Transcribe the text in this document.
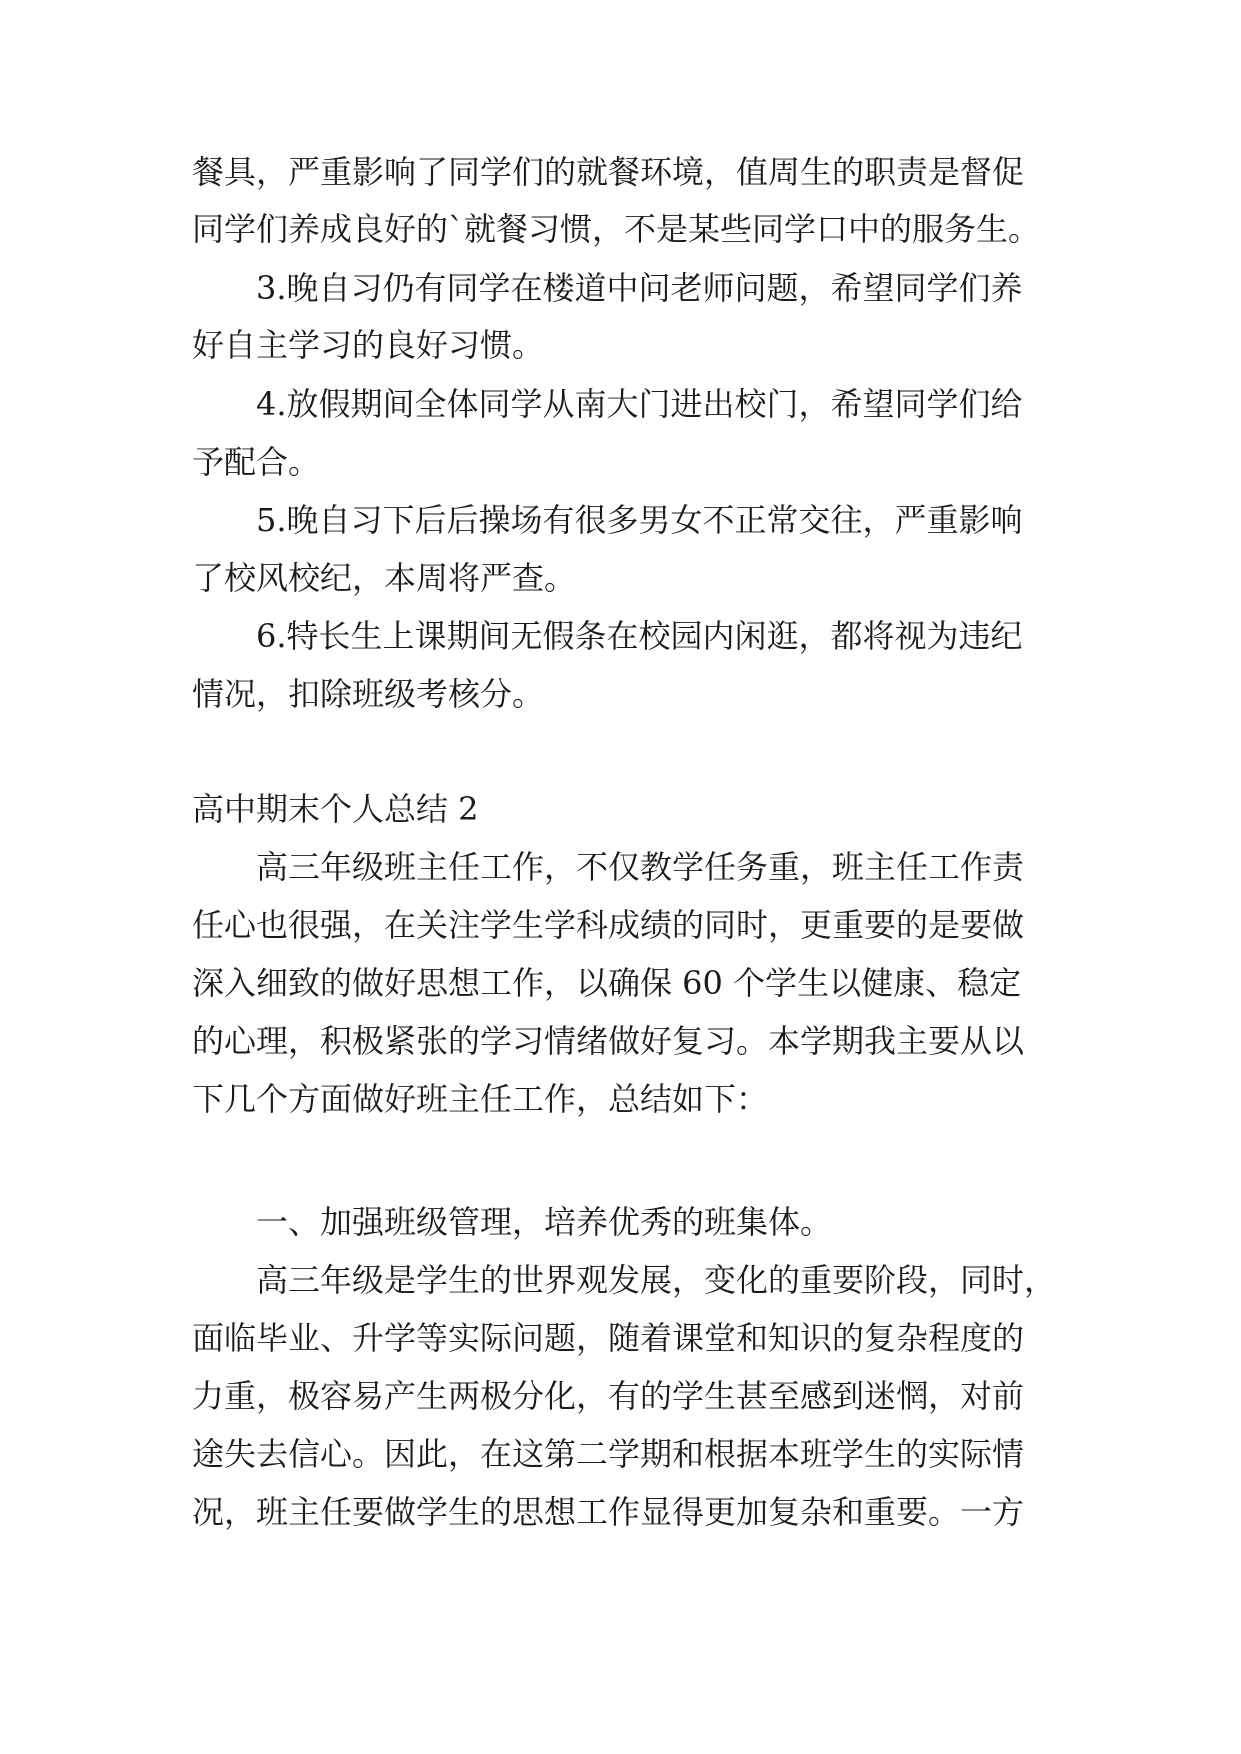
餐具，严重影响了同学们的就餐环境，值周生的职责是督促

同学们养成良好的`就餐习惯，不是某些同学口中的服务生。

3.晚自习仍有同学在楼道中问老师问题，希望同学们养

好自主学习的良好习惯。

4.放假期间全体同学从南大门进出校门，希望同学们给

予配合。

5.晚自习下后后操场有很多男女不正常交往，严重影响

了校风校纪，本周将严查。

6.特长生上课期间无假条在校园内闲逛，都将视为违纪

情况，扣除班级考核分。

高中期末个人总结 2

高三年级班主任工作，不仅教学任务重，班主任工作责

任心也很强，在关注学生学科成绩的同时，更重要的是要做

深入细致的做好思想工作，以确保 60 个学生以健康、稳定

的心理，积极紧张的学习情绪做好复习。本学期我主要从以

下几个方面做好班主任工作，总结如下：

一、加强班级管理，培养优秀的班集体。

高三年级是学生的世界观发展，变化的重要阶段，同时，

面临毕业、升学等实际问题，随着课堂和知识的复杂程度的

力重，极容易产生两极分化，有的学生甚至感到迷惘，对前

途失去信心。因此，在这第二学期和根据本班学生的实际情

况，班主任要做学生的思想工作显得更加复杂和重要。一方
